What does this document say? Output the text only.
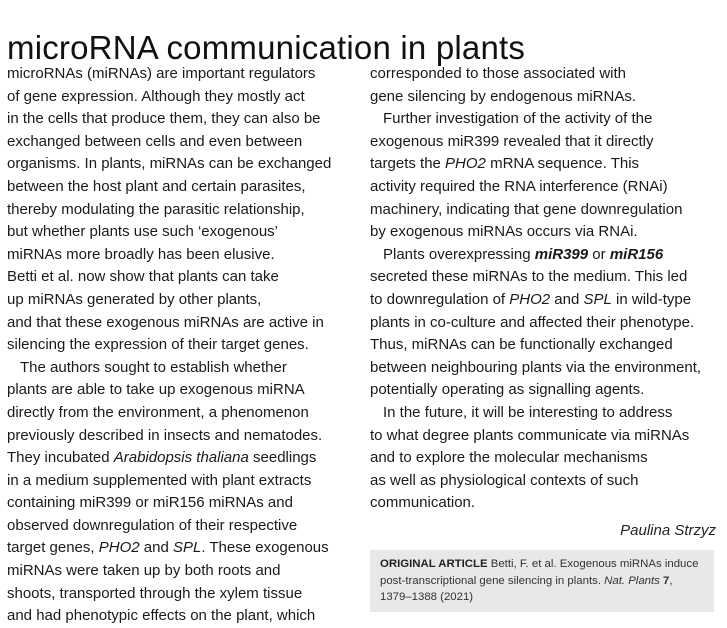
microRNA communication in plants
microRNAs (miRNAs) are important regulators
of gene expression. Although they mostly act
in the cells that produce them, they can also be
exchanged between cells and even between
organisms. In plants, miRNAs can be exchanged
between the host plant and certain parasites,
thereby modulating the parasitic relationship,
but whether plants use such ‘exogenous’
miRNAs more broadly has been elusive.
Betti et al. now show that plants can take
up miRNAs generated by other plants,
and that these exogenous miRNAs are active in
silencing the expression of their target genes.
The authors sought to establish whether
plants are able to take up exogenous miRNA
directly from the environment, a phenomenon
previously described in insects and nematodes.
They incubated Arabidopsis thaliana seedlings
in a medium supplemented with plant extracts
containing miR399 or miR156 miRNAs and
observed downregulation of their respective
target genes, PHO2 and SPL. These exogenous
miRNAs were taken up by both roots and
shoots, transported through the xylem tissue
and had phenotypic effects on the plant, which
corresponded to those associated with
gene silencing by endogenous miRNAs.
Further investigation of the activity of the
exogenous miR399 revealed that it directly
targets the PHO2 mRNA sequence. This
activity required the RNA interference (RNAi)
machinery, indicating that gene downregulation
by exogenous miRNAs occurs via RNAi.
Plants overexpressing miR399 or miR156
secreted these miRNAs to the medium. This led
to downregulation of PHO2 and SPL in wild-type
plants in co-culture and affected their phenotype.
Thus, miRNAs can be functionally exchanged
between neighbouring plants via the environment,
potentially operating as signalling agents.
In the future, it will be interesting to address
to what degree plants communicate via miRNAs
and to explore the molecular mechanisms
as well as physiological contexts of such
communication.
Paulina Strzyz
ORIGINAL ARTICLE Betti, F. et al. Exogenous miRNAs induce
post-transcriptional gene silencing in plants. Nat. Plants 7,
1379–1388 (2021)
